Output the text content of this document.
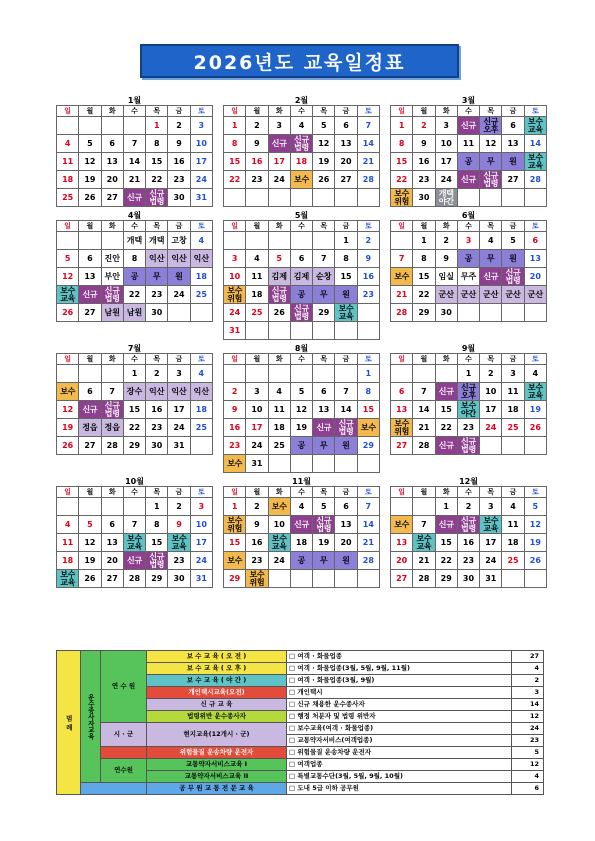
2026년도 교육일정표
1월
일	월	화	수	목	금	토
				1	2	3
4	5	6	7	8	9	10
11	12	13	14	15	16	17
18	19	20	21	22	23	24
25	26	27	신규	신규 법령	30	31
2월
일	월	화	수	목	금	토
1	2	3	4	5	6	7
8	9	신규	신규 법령	12	13	14
15	16	17	18	19	20	21
22	23	24	보수	26	27	28

3월
일	월	화	수	목	금	토
1	2	3	신규	신규 오후	6	보수 교육
8	9	10	11	12	13	14
15	16	17	공	무	원	보수 교육
22	23	24	신규	신규 법령	27	28
보수 위험	30	개택 야간				
4월
일	월	화	수	목	금	토
			개택	개택	고창	4
5	6	진안	8	익산	익산	익산
12	13	부안	공	무	원	18
보수 교육	신규	신규 법령	22	23	24	25
26	27	남원	남원	30		
5월
일	월	화	수	목	금	토
					1	2
3	4	5	6	7	8	9
10	11	김제	김제	순창	15	16
보수 위험	18	신규 법령	공	무	원	23
24	25	26	신규 법령	29	보수 교육	
31						
6월
일	월	화	수	목	금	토
	1	2	3	4	5	6
7	8	9	공	무	원	13
보수	15	임실	무주	신규	신규 법령	20
21	22	군산	군산	군산	군산	군산
28	29	30				
7월
일	월	화	수	목	금	토
			1	2	3	4
보수	6	7	장수	익산	익산	익산
12	신규	신규 법령	15	16	17	18
19	정읍	정읍	22	23	24	25
26	27	28	29	30	31	
8월
일	월	화	수	목	금	토
						1
2	3	4	5	6	7	8
9	10	11	12	13	14	15
16	17	18	19	신규	신규 법령	보수
23	24	25	공	무	원	29
보수	31					
9월
일	월	화	수	목	금	토
			1	2	3	4
6	7	신규	신규 오후	10	11	보수 교육
13	14	15	보수 야간	17	18	19
보수 위험	21	22	23	24	25	26
27	28	신규	신규 법령			
10월
일	월	화	수	목	금	토
				1	2	3
4	5	6	7	8	9	10
11	12	13	보수 교육	15	보수 교육	17
18	19	20	신규	신규 법령	23	24
보수 교육	26	27	28	29	30	31
11월
일	월	화	수	목	금	토
1	2	보수	4	5	6	7
보수 위험	9	10	신규	신규 법령	13	14
15	16	보수 교육	18	19	20	21
보수	23	24	공	무	원	28
29	보수 위험					
12월
일	월	화	수	목	금	토
		1	2	3	4	5
보수	7	신규	신규 법령	보수 교육	11	12
13	보수 교육	15	16	17	18	19
20	21	22	23	24	25	26
27	28	29	30	31		
범 례	운수종사자교육	연 수 원	보 수 교 육 ( 오 전 )	□ 여객 · 화물업종	27
			보 수 교 육 ( 오 후 )	□ 여객 · 화물업종(3월, 5월, 9월, 11월)	4
			보 수 교 육 ( 야 간 )	□ 여객 · 화물업종(3월, 9월)	2
			개인택시교육(오전)	□ 개인택시	3
			신 규 교 육	□ 신규 채용한 운수종사자	14
			법령위반 운수종사자	□ 행정 처분자 및 법령 위반자	12
		시 · 군	현지교육(12개시 · 군)	□ 보수교육(여객 · 화물업종)	24
				□ 교통약자서비스(여객업종)	23
			위험물질 운송차량 운전자	□ 위험물질 운송차량 운전자	5
		연수원	교통약자서비스교육 I	□ 여객업종	12
			교통약자서비스교육 II	□ 특별교통수단(3월, 5월, 9월, 10월)	4
			공 무 원 교 통 전 문 교 육	□ 도내 5급 이하 공무원	6
